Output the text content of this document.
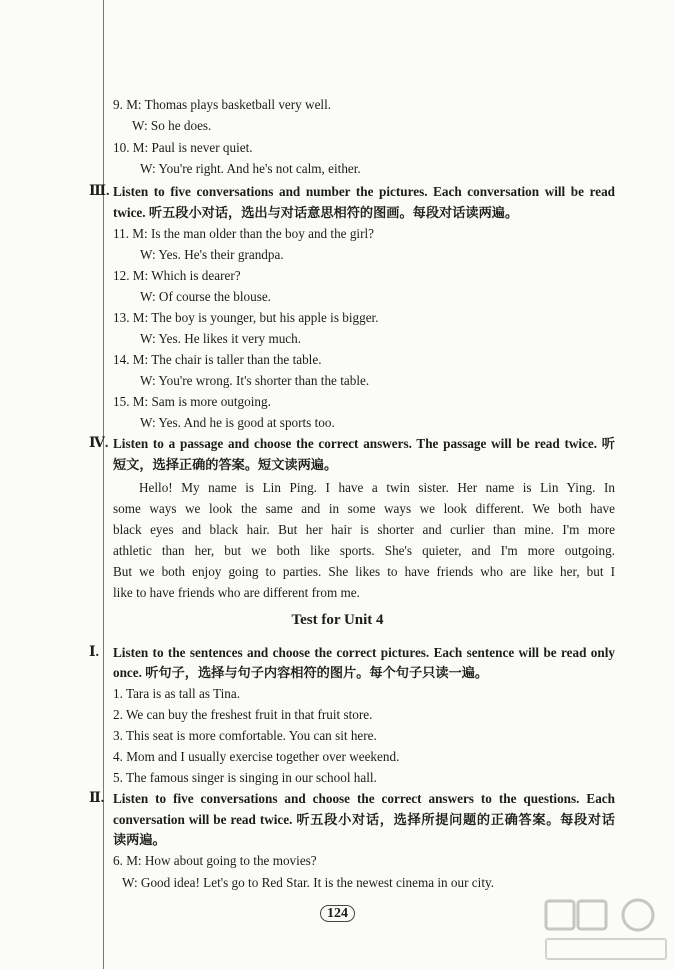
Test for Unit 4
124
9. M: Thomas plays basketball very well.
W: So he does.
10. M: Paul is never quiet.
W: You're right. And he's not calm, either.
11. M: Is the man older than the boy and the girl?
W: Yes. He's their grandpa.
12. M: Which is dearer?
W: Of course the blouse.
13. M: The boy is younger, but his apple is bigger.
W: Yes. He likes it very much.
14. M: The chair is taller than the table.
W: You're wrong. It's shorter than the table.
15. M: Sam is more outgoing.
W: Yes. And he is good at sports too.
1. Tara is as tall as Tina.
2. We can buy the freshest fruit in that fruit store.
3. This seat is more comfortable. You can sit here.
4. Mom and I usually exercise together over weekend.
5. The famous singer is singing in our school hall.
6. M: How about going to the movies?
W: Good idea! Let's go to Red Star. It is the newest cinema in our city.
Ⅲ. Listen to five conversations and number the pictures. Each conversation will be read
twice. 听五段小对话，选出与对话意思相符的图画。每段对话读两遍。
Ⅳ. Listen to a passage and choose the correct answers. The passage will be read twice. 听
短文，选择正确的答案。短文读两遍。
Ⅰ. Listen to the sentences and choose the correct pictures. Each sentence will be read only
once. 听句子，选择与句子内容相符的图片。每个句子只读一遍。
Ⅱ. Listen to five conversations and choose the correct answers to the questions. Each
conversation will be read twice. 听五段小对话，选择所提问题的正确答案。每段对话
读两遍。
Hello! My name is Lin Ping. I have a twin sister. Her name is Lin Ying. In
some ways we look the same and in some ways we look different. We both have
black eyes and black hair. But her hair is shorter and curlier than mine. I'm more
athletic than her, but we both like sports. She's quieter, and I'm more outgoing.
But we both enjoy going to parties. She likes to have friends who are like her, but I
like to have friends who are different from me.
